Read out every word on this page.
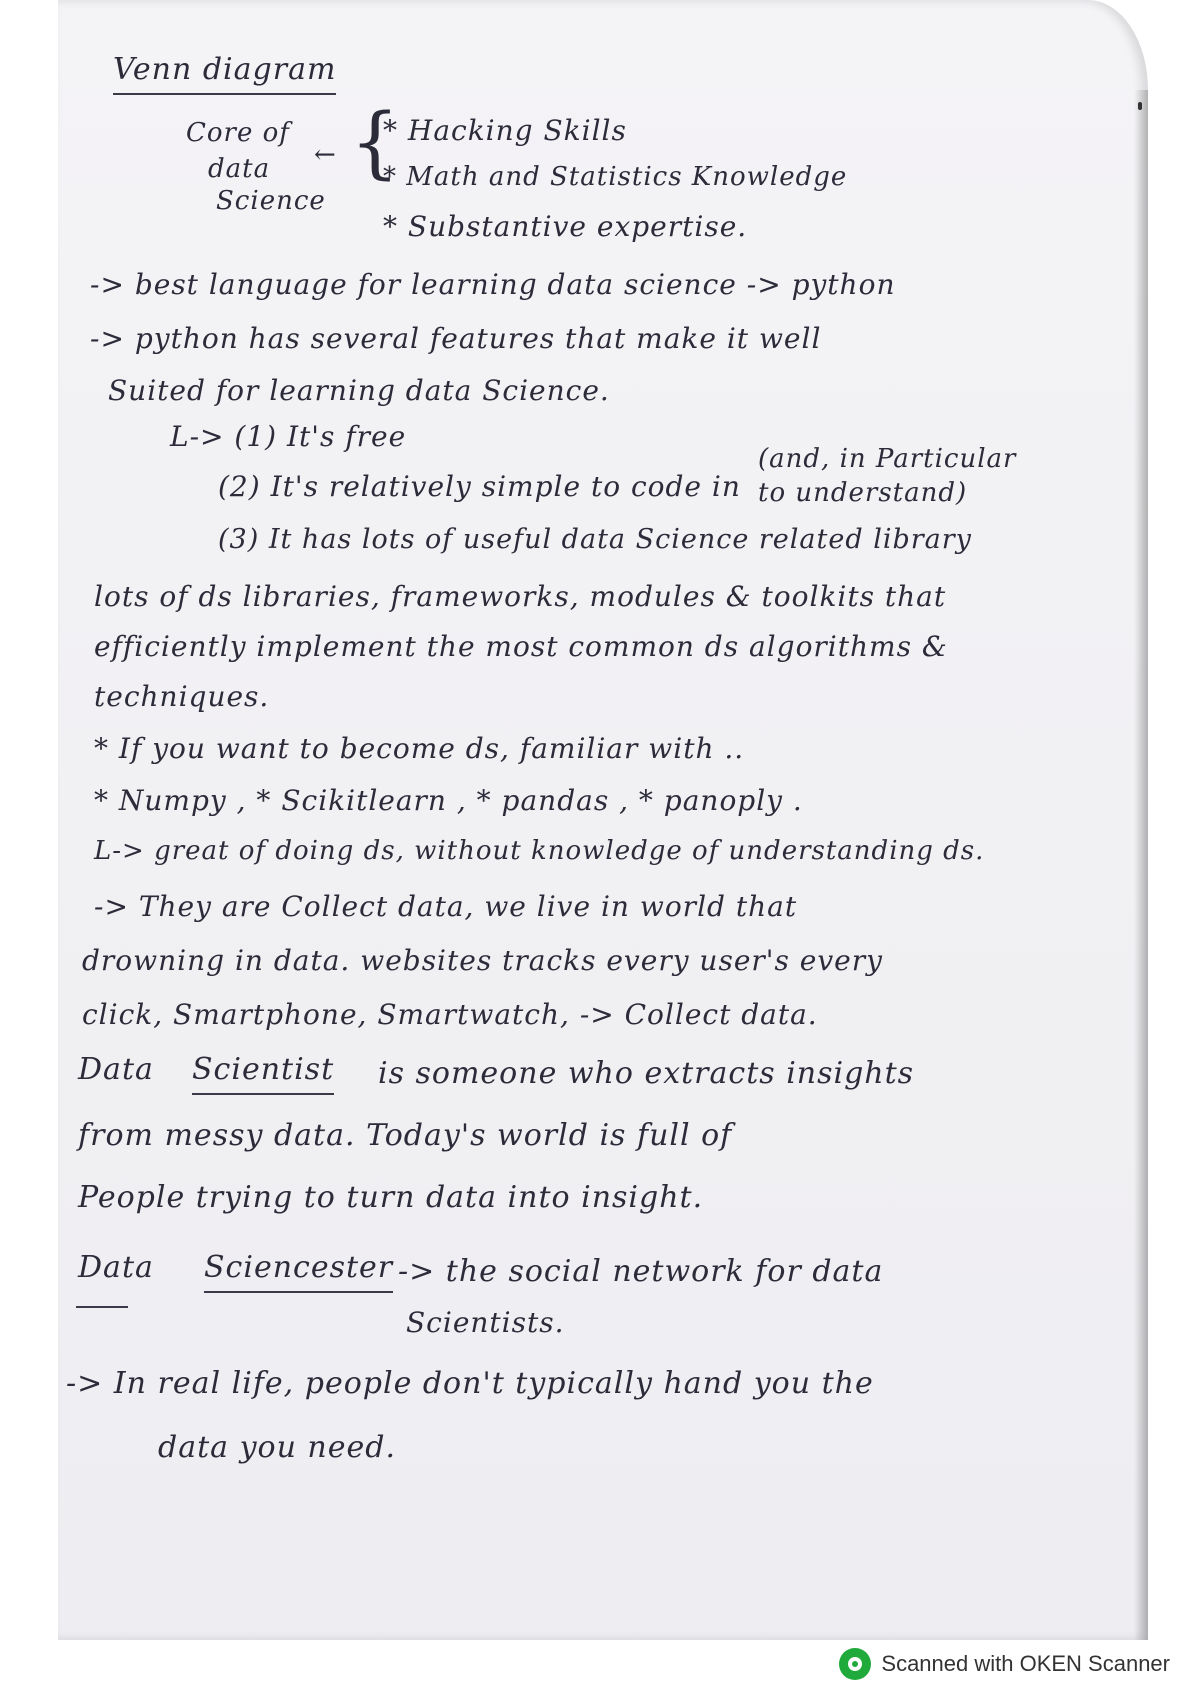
Venn diagram
Core of
data
Science
← {
* Hacking Skills
* Math and Statistics Knowledge
* Substantive expertise.
-> best language for learning data science -> python
-> python has several features that make it well
Suited for learning data Science.
L-> (1) It's free
(2) It's relatively simple to code in
(and, in Particular
to understand)
(3) It has lots of useful data Science related library
lots of ds libraries, frameworks, modules & toolkits that
efficiently implement the most common ds algorithms &
techniques.
* If you want to become ds, familiar with ..
* Numpy , * Scikitlearn , * pandas , * panoply .
L-> great of doing ds, without knowledge of understanding ds.
-> They are Collect data, we live in world that
drowning in data. websites tracks every user's every
click, Smartphone, Smartwatch, -> Collect data.
Data Scientist is someone who extracts insights
from messy data. Today's world is full of
People trying to turn data into insight.
Data Sciencester -> the social network for data
Scientists.
-> In real life, people don't typically hand you the
data you need.
Scanned with OKEN Scanner
